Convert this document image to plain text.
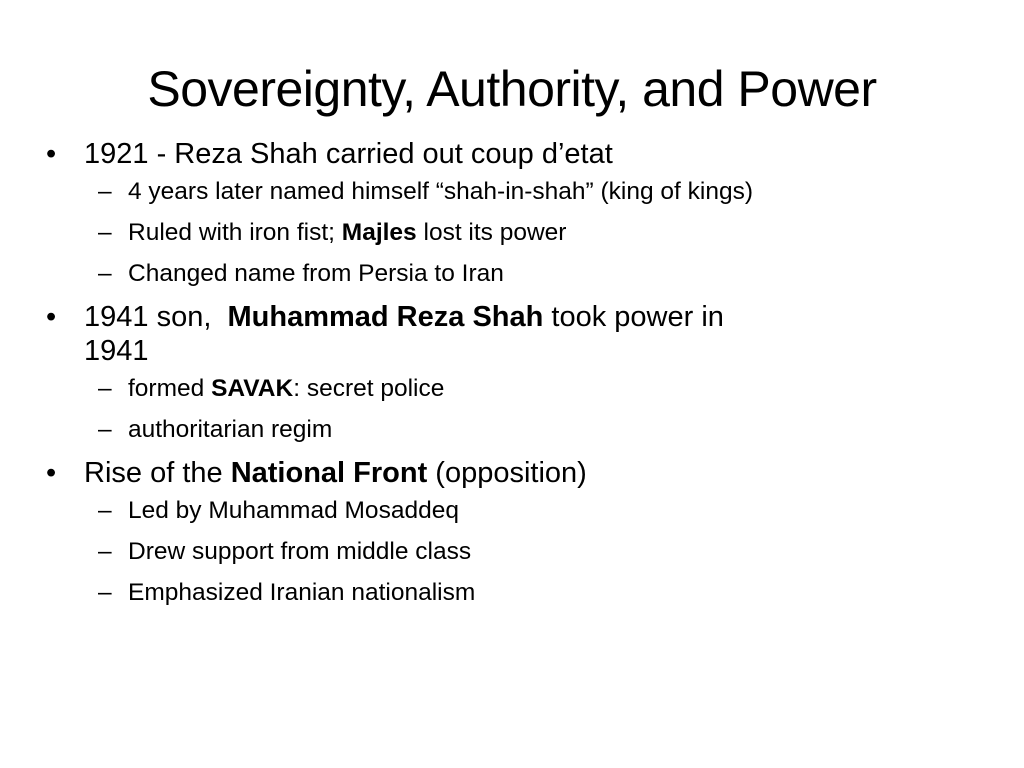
Sovereignty, Authority, and Power
• 1921 - Reza Shah carried out coup d’etat
– 4 years later named himself “shah-in-shah” (king of kings)
– Ruled with iron fist; Majles lost its power
– Changed name from Persia to Iran
• 1941 son,  Muhammad Reza Shah took power in 1941
– formed SAVAK: secret police
– authoritarian regim
• Rise of the National Front (opposition)
– Led by Muhammad Mosaddeq
– Drew support from middle class
– Emphasized Iranian nationalism
